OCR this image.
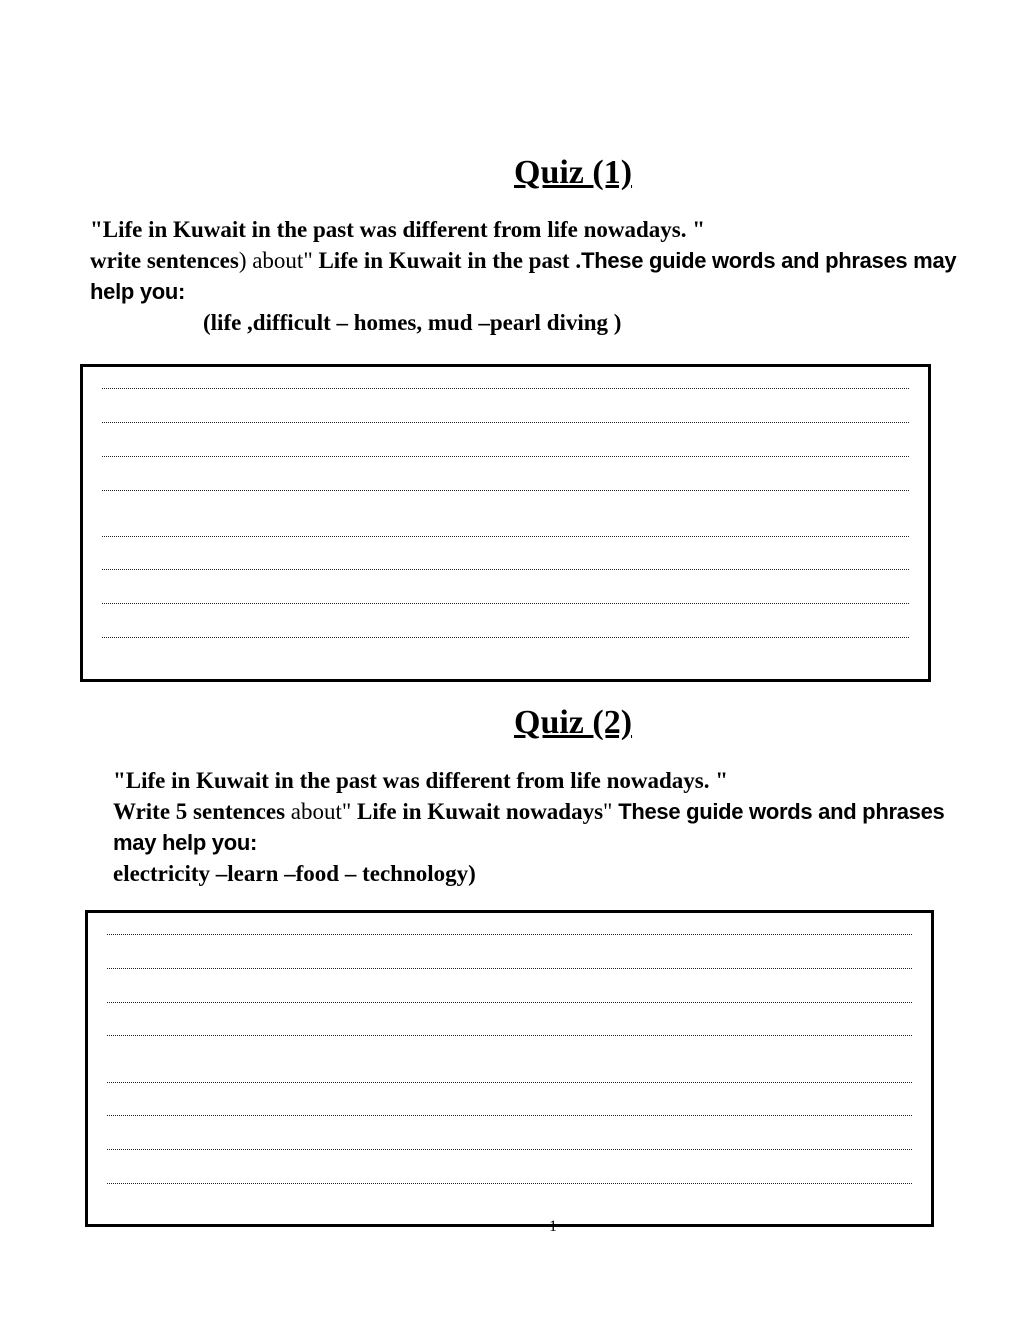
Quiz (1)
"Life in Kuwait in the past was different from life nowadays. "
write sentences) about" Life in Kuwait in the past .These guide words and phrases may help you:
(life ,difficult – homes, mud –pearl diving )
Quiz (2)
"Life in Kuwait in the past was different from life nowadays. "
Write 5 sentences about" Life in Kuwait nowadays" These guide words and phrases may help you:
electricity –learn –food – technology)
1
